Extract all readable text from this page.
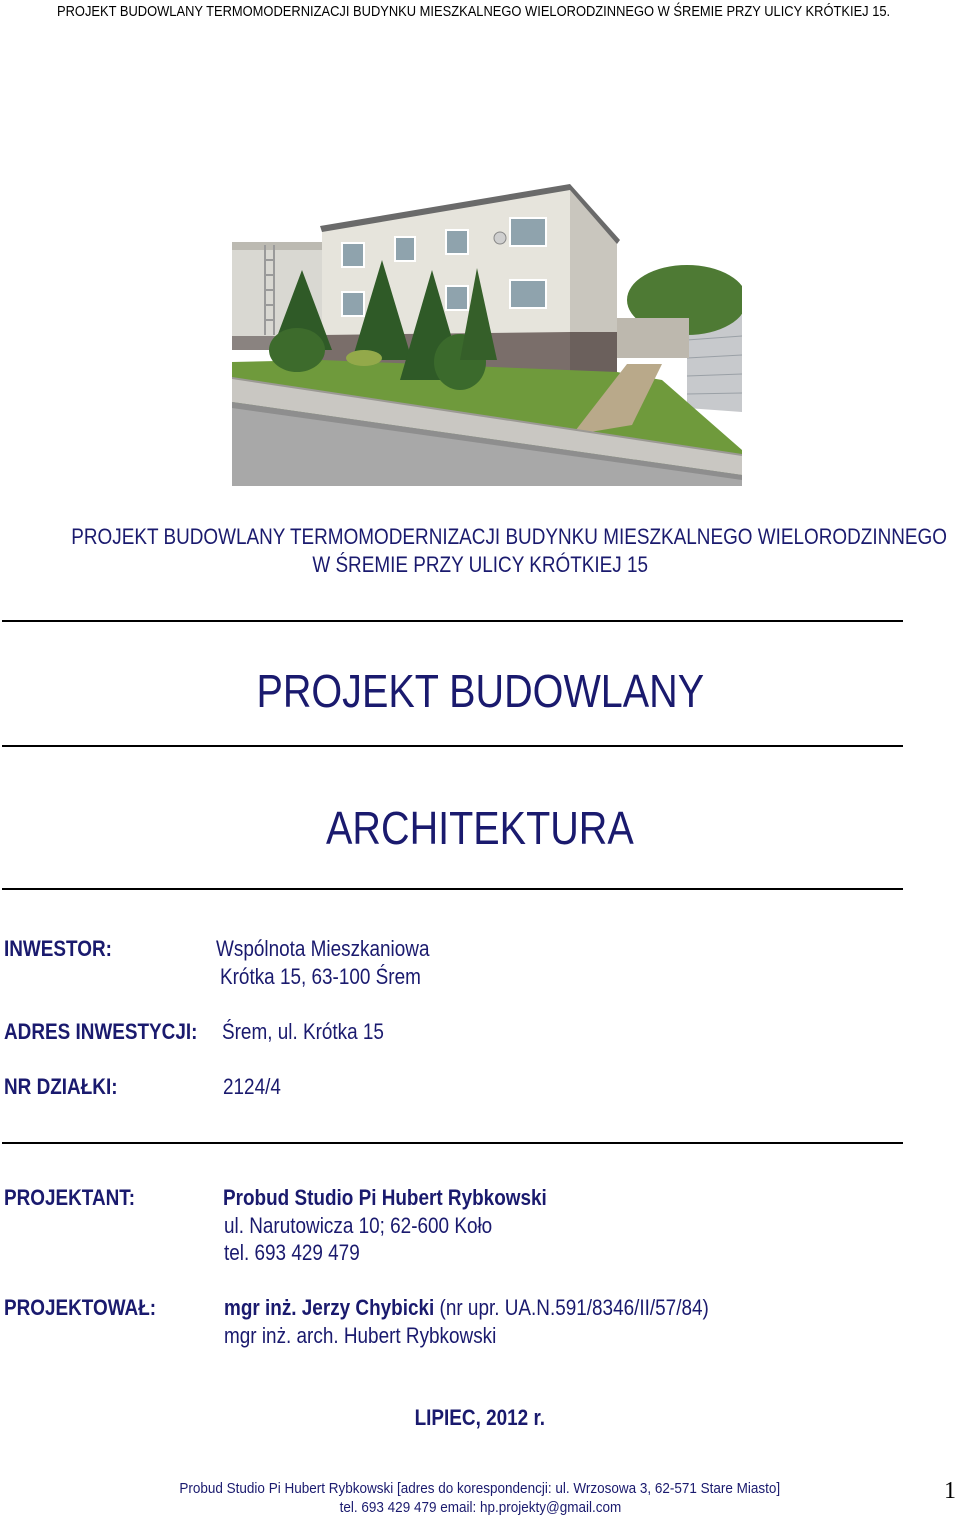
PROJEKT BUDOWLANY TERMOMODERNIZACJI BUDYNKU MIESZKALNEGO WIELORODZINNEGO W ŚREMIE PRZY ULICY KRÓTKIEJ 15.
PROJEKT BUDOWLANY TERMOMODERNIZACJI BUDYNKU MIESZKALNEGO WIELORODZINNEGO
W ŚREMIE PRZY ULICY KRÓTKIEJ 15
PROJEKT BUDOWLANY
ARCHITEKTURA
INWESTOR:	Wspólnota Mieszkaniowa
Krótka 15, 63-100 Śrem
ADRES INWESTYCJI: Śrem, ul. Krótka 15
NR DZIAŁKI:	2124/4
PROJEKTANT:	Probud Studio Pi Hubert Rybkowski
ul. Narutowicza 10; 62-600 Koło
tel. 693 429 479
PROJEKTOWAŁ:	mgr inż. Jerzy Chybicki (nr upr. UA.N.591/8346/II/57/84)
mgr inż. arch. Hubert Rybkowski
LIPIEC, 2012 r.
Probud Studio Pi Hubert Rybkowski [adres do korespondencji: ul. Wrzosowa 3, 62-571 Stare Miasto]
tel. 693 429 479 email: hp.projekty@gmail.com
1
